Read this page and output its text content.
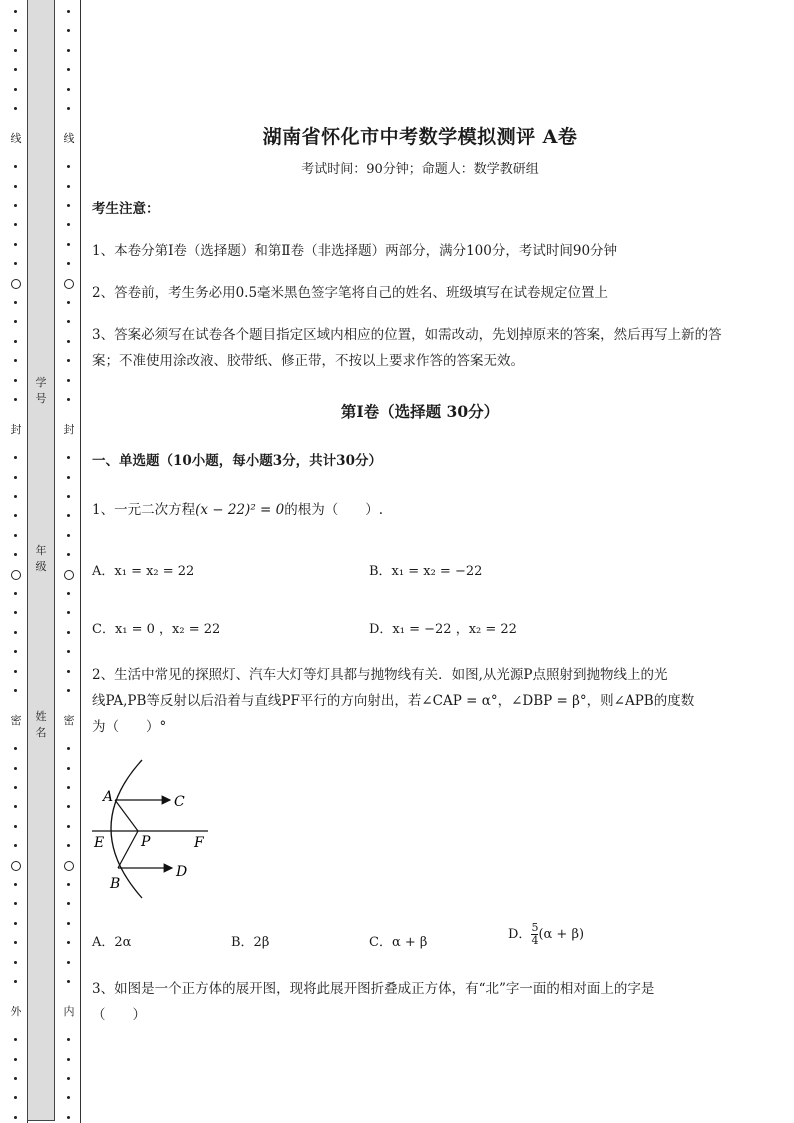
线
封
密
外
线
封
密
内
学号
年级
姓名
湖南省怀化市中考数学模拟测评 A卷
考试时间：90分钟；命题人：数学教研组
考生注意：
1、本卷分第I卷（选择题）和第Ⅱ卷（非选择题）两部分，满分100分，考试时间90分钟
2、答卷前，考生务必用0.5毫米黑色签字笔将自己的姓名、班级填写在试卷规定位置上
3、答案必须写在试卷各个题目指定区域内相应的位置，如需改动，先划掉原来的答案，然后再写上新的答案；不准使用涂改液、胶带纸、修正带，不按以上要求作答的答案无效。
第I卷（选择题 30分）
一、单选题（10小题，每小题3分，共计30分）
1、一元二次方程(x − 22)² = 0的根为（　　）.
A．x₁ = x₂ = 22	B．x₁ = x₂ = −22
C．x₁ = 0 ，x₂ = 22	D．x₁ = −22 ，x₂ = 22
2、生活中常见的探照灯、汽车大灯等灯具都与抛物线有关．如图,从光源P点照射到抛物线上的光
线PA,PB等反射以后沿着与直线PF平行的方向射出，若∠CAP = α°，∠DBP = β°，则∠APB的度数
为（　　）°
A	C
E	P	F
D
B
A．2α	B．2β	C．α + β
D． $\frac{5}{4} (\alpha + \beta)$
3、如图是一个正方体的展开图，现将此展开图折叠成正方体，有“北”字一面的相对面上的字是
（　　）
